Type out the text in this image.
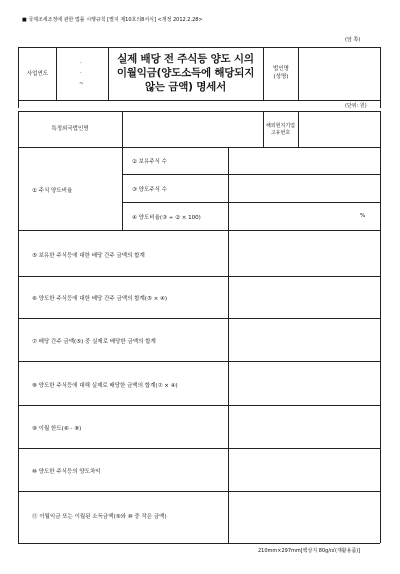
■ 국제조세조정에 관한 법률 시행규칙 [별지 제10호의8서식] <개정 2012.2.28>
(앞 쪽)
사업연도
·
·
~
실제 배당 전 주식등 양도 시의
이월익금(양도소득에 해당되지
않는 금액) 명세서
법인명
(성명)
(단위: 원)
특정외국법인명	해외현지기업
고유번호
① 주식 양도비율
② 보유주식 수
③ 양도주식 수
④ 양도비율(③ ÷ ② × 100)	%
⑤ 보유한 주식등에 대한 배당 간주 금액의 합계
⑥ 양도한 주식등에 대한 배당 간주 금액의 합계(⑤ × ④)
⑦ 배당 간주 금액(⑤) 중 실제로 배당한 금액의 합계
⑧ 양도한 주식등에 대해 실제로 배당한 금액의 합계(⑦ × ④)
⑨ 이월 한도(⑥ - ⑧)
⑩ 양도한 주식등의 양도차익
⑪ 이월익금 또는 이월된 소득금액(⑨와 ⑩ 중 작은 금액)
210mm×297mm[백상지 80g/㎡(재활용품)]
